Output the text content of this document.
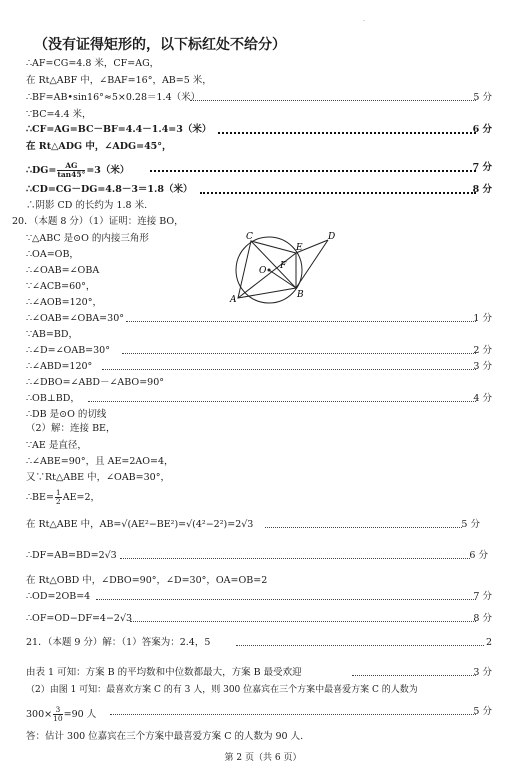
·
（没有证得矩形的，以下标红处不给分）
∴AF=CG=4.8 米，CF=AG，
在 Rt△ABF 中，∠BAF=16°，AB=5 米，
∴BF=AB•sin16°≈5×0.28＝1.4（米）	5 分
∵BC=4.4 米，
∴CF=AG=BC－BF=4.4－1.4=3（米）	6 分
在 Rt△ADG 中，∠ADG=45°，
∴DG= $\frac{AG}{\tan 45^\circ} =3$（米）	7 分
∴CD=CG－DG=4.8－3＝1.8（米）	8 分
∴阴影 CD 的长约为 1.8 米.
20．（本题 8 分）（1）证明：连接 BO，
∵△ABC 是⊙O 的内接三角形
∴OA=OB，
∴∠OAB=∠OBA
∵∠ACB=60°，
∴∠AOB=120°，
∴∠OAB=∠OBA=30°	1 分
∵AB=BD，
∴∠D=∠OAB=30°	2 分
∴∠ABD=120°	3 分
∴∠DBO=∠ABD－∠ABO=90°
∴OB⊥BD，	4 分
∴DB 是⊙O 的切线
C
E
D
O F
A	B
（2）解：连接 BE，
∵AE 是直径，
∴∠ABE=90°，且 AE=2AO=4，
又∵Rt△ABE 中，∠OAB=30°，
∴BE= $\frac{1}{2} AE=2$，
在 Rt△ABE 中，AB=√(AE²−BE²)=√(4²−2²)=2√3	5 分
∴DF=AB=BD=2√3	6 分
在 Rt△OBD 中，∠DBO=90°，∠D=30°，OA=OB=2
∴OD=2OB=4	7 分
∴OF=OD−DF=4−2√3	8 分
21．（本题 9 分）解：（1）答案为：2.4，5	2
由表 1 可知：方案 B 的平均数和中位数都最大，方案 B 最受欢迎	3 分
（2）由图 1 可知：最喜欢方案 C 的有 3 人，则 300 位嘉宾在三个方案中最喜爱方案 C 的人数为
$300\times \frac{3}{10} =90$ 人	5 分
答：估计 300 位嘉宾在三个方案中最喜爱方案 C 的人数为 90 人.
第 2 页（共 6 页）
